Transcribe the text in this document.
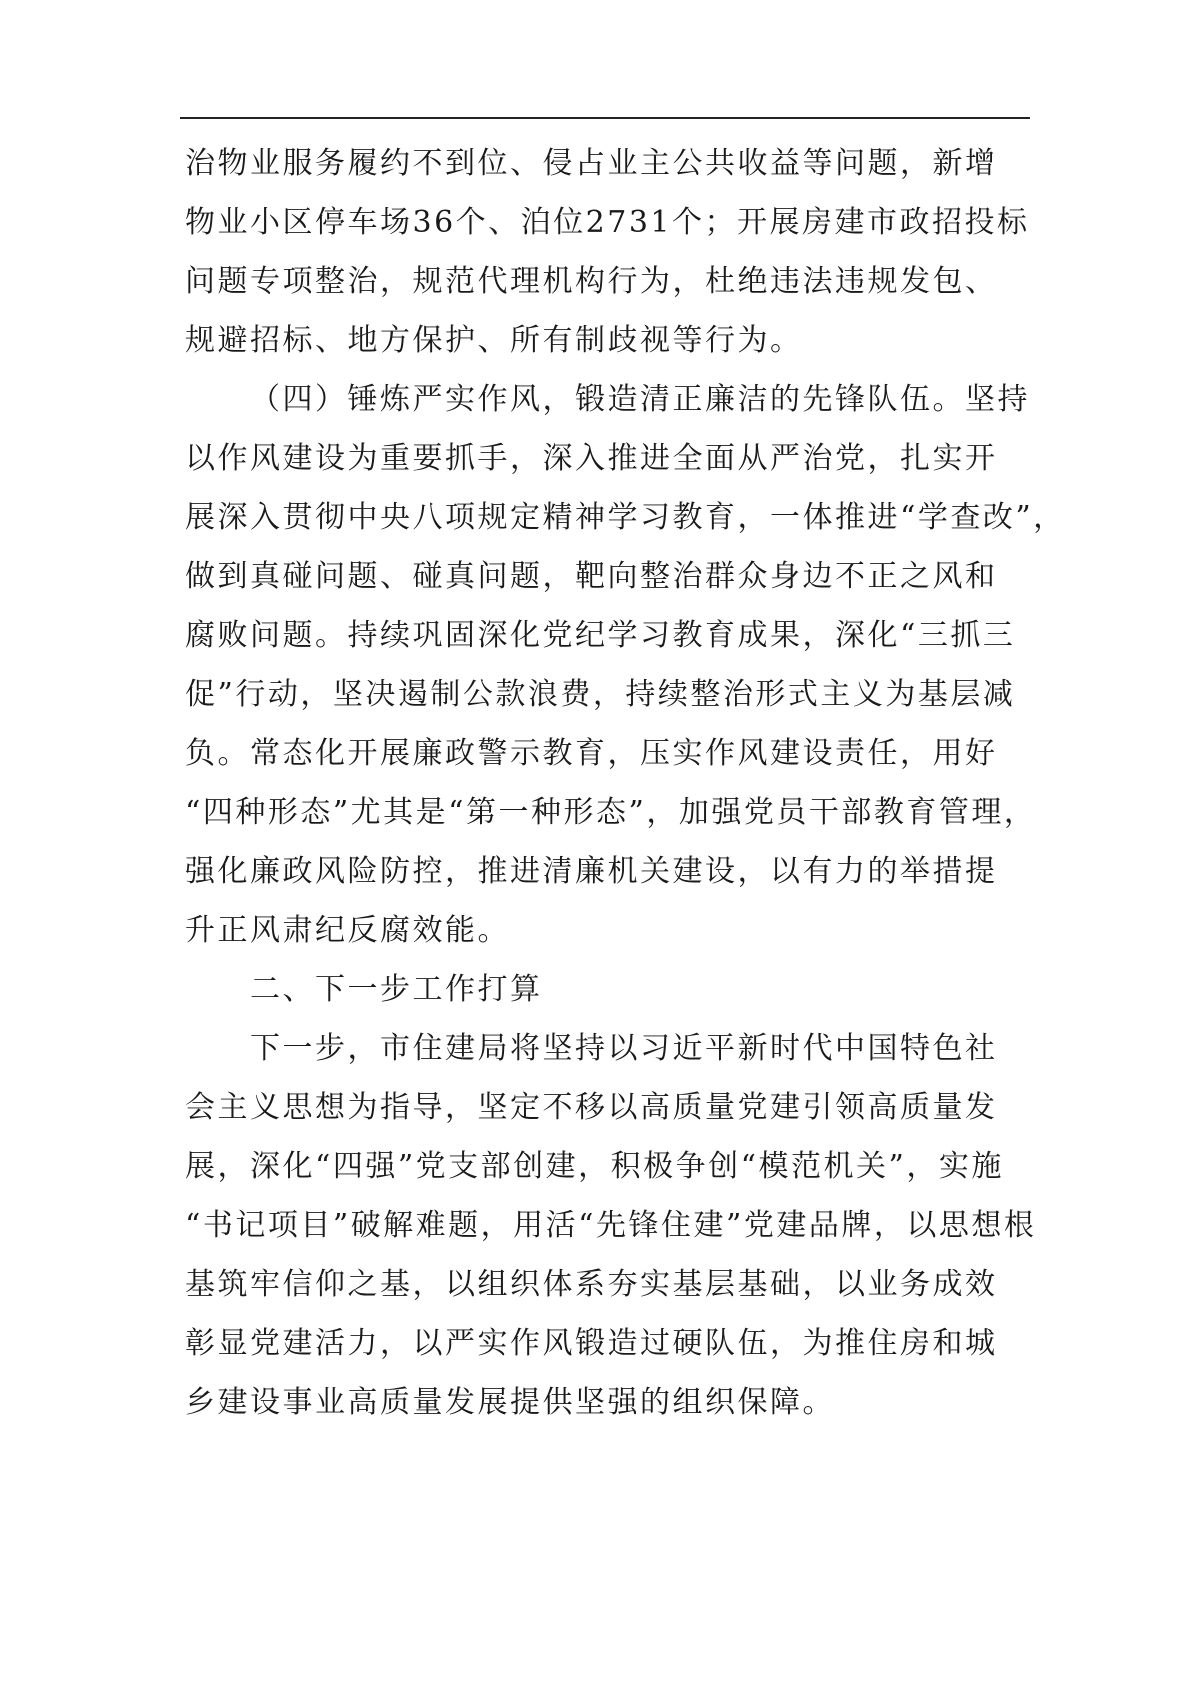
治物业服务履约不到位、侵占业主公共收益等问题，新增
物业小区停车场36个、泊位2731个；开展房建市政招投标
问题专项整治，规范代理机构行为，杜绝违法违规发包、
规避招标、地方保护、所有制歧视等行为。
（四）锤炼严实作风，锻造清正廉洁的先锋队伍。坚持
以作风建设为重要抓手，深入推进全面从严治党，扎实开
展深入贯彻中央八项规定精神学习教育，一体推进“学查改”，
做到真碰问题、碰真问题，靶向整治群众身边不正之风和
腐败问题。持续巩固深化党纪学习教育成果，深化“三抓三
促”行动，坚决遏制公款浪费，持续整治形式主义为基层减
负。常态化开展廉政警示教育，压实作风建设责任，用好
“四种形态”尤其是“第一种形态”，加强党员干部教育管理，
强化廉政风险防控，推进清廉机关建设，以有力的举措提
升正风肃纪反腐效能。
二、下一步工作打算
下一步，市住建局将坚持以习近平新时代中国特色社
会主义思想为指导，坚定不移以高质量党建引领高质量发
展，深化“四强”党支部创建，积极争创“模范机关”，实施
“书记项目”破解难题，用活“先锋住建”党建品牌，以思想根
基筑牢信仰之基，以组织体系夯实基层基础，以业务成效
彰显党建活力，以严实作风锻造过硬队伍，为推住房和城
乡建设事业高质量发展提供坚强的组织保障。
